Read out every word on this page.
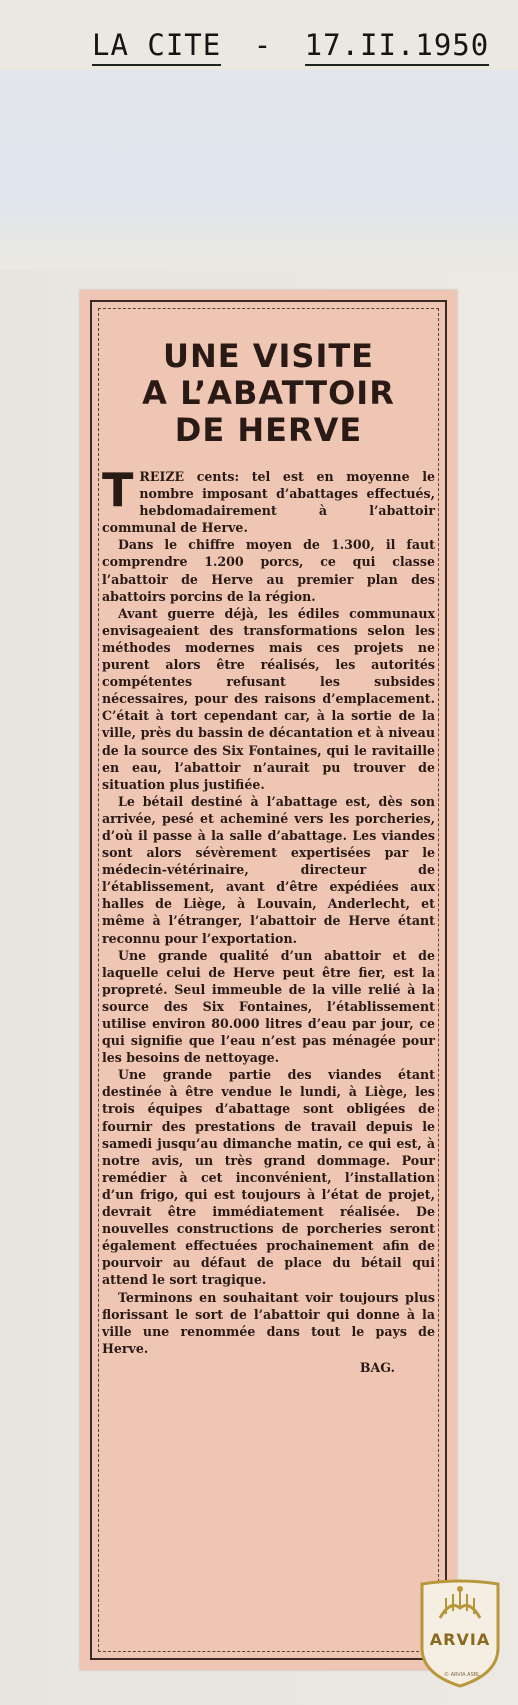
LA CITE - 17.II.1950
UNE VISITE
A L’ABATTOIR
DE HERVE

TREIZE cents: tel est en moyenne le nombre imposant d’abattages effectués, hebdomadairement à l’abattoir communal de Herve.

Dans le chiffre moyen de 1.300, il faut comprendre 1.200 porcs, ce qui classe l’abattoir de Herve au premier plan des abattoirs porcins de la région.

Avant guerre déjà, les édiles communaux envisageaient des transformations selon les méthodes modernes mais ces projets ne purent alors être réalisés, les autorités compétentes refusant les subsides nécessaires, pour des raisons d’emplacement. C’était à tort cependant car, à la sortie de la ville, près du bassin de décantation et à niveau de la source des Six Fontaines, qui le ravitaille en eau, l’abattoir n’aurait pu trouver de situation plus justifiée.

Le bétail destiné à l’abattage est, dès son arrivée, pesé et acheminé vers les porcheries, d’où il passe à la salle d’abattage. Les viandes sont alors sévèrement expertisées par le médecin-vétérinaire, directeur de l’établissement, avant d’être expédiées aux halles de Liège, à Louvain, Anderlecht, et même à l’étranger, l’abattoir de Herve étant reconnu pour l’exportation.

Une grande qualité d’un abattoir et de laquelle celui de Herve peut être fier, est la propreté. Seul immeuble de la ville relié à la source des Six Fontaines, l’établissement utilise environ 80.000 litres d’eau par jour, ce qui signifie que l’eau n’est pas ménagée pour les besoins de nettoyage.

Une grande partie des viandes étant destinée à être vendue le lundi, à Liège, les trois équipes d’abattage sont obligées de fournir des prestations de travail depuis le samedi jusqu’au dimanche matin, ce qui est, à notre avis, un très grand dommage. Pour remédier à cet inconvénient, l’installation d’un frigo, qui est toujours à l’état de projet, devrait être immédiatement réalisée. De nouvelles constructions de porcheries seront également effectuées prochainement afin de pourvoir au défaut de place du bétail qui attend le sort tragique.

Terminons en souhaitant voir toujours plus florissant le sort de l’abattoir qui donne à la ville une renommée dans tout le pays de Herve.

BAG.
ARVIA
© ARVIA ASBL
